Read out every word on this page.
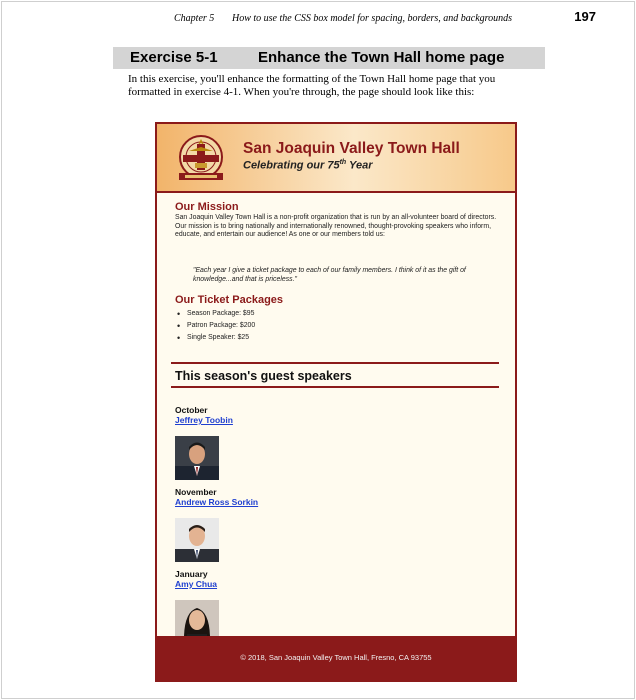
Chapter 5 How to use the CSS box model for spacing, borders, and backgrounds	197
Exercise 5-1	Enhance the Town Hall home page

In this exercise, you'll enhance the formatting of the Town Hall home page that you formatted in exercise 4-1. When you're through, the page should look like this:

San Joaquin Valley Town Hall
Celebrating our 75th Year
Our Mission

San Joaquin Valley Town Hall is a non-profit organization that is run by an all-volunteer board of directors. Our mission is to bring nationally and internationally renowned, thought-provoking speakers who inform, educate, and entertain our audience! As one or our members told us:

"Each year I give a ticket package to each of our family members. I think of it as the gift of knowledge...and that is priceless."

Our Ticket Packages
• Season Package: $95
• Patron Package: $200
• Single Speaker: $25
This season's guest speakers
October
Jeffrey Toobin
November
Andrew Ross Sorkin
January
Amy Chua
© 2018, San Joaquin Valley Town Hall, Fresno, CA 93755
